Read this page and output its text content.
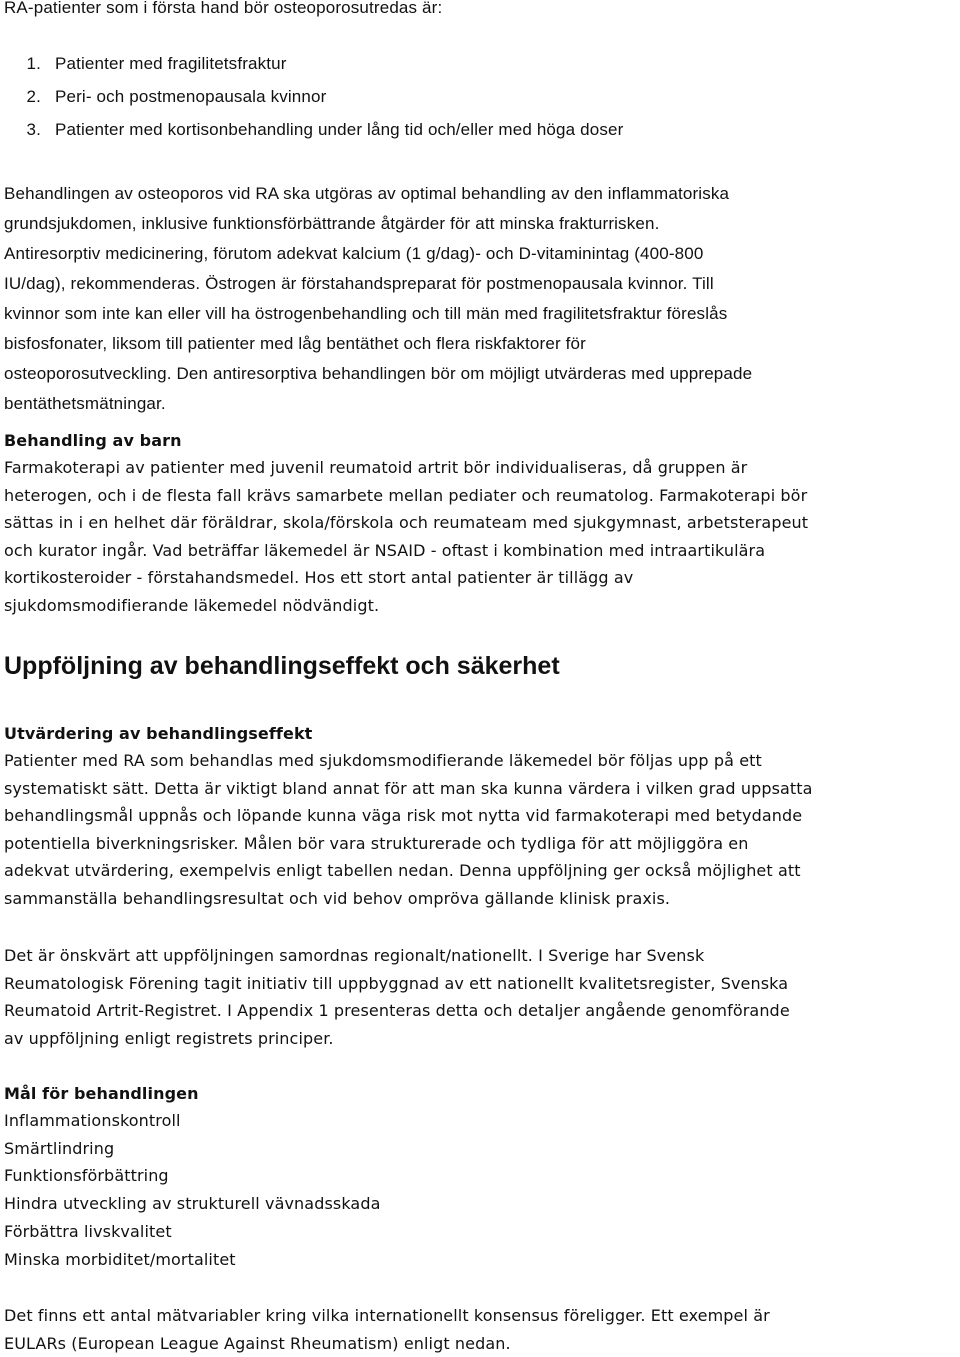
RA-patienter som i första hand bör osteoporosutredas är:
1. Patienter med fragilitetsfraktur
2. Peri- och postmenopausala kvinnor
3. Patienter med kortisonbehandling under lång tid och/eller med höga doser
Behandlingen av osteoporos vid RA ska utgöras av optimal behandling av den inflammatoriska
grundsjukdomen, inklusive funktionsförbättrande åtgärder för att minska frakturrisken.
Antiresorptiv medicinering, förutom adekvat kalcium (1 g/dag)- och D-vitaminintag (400-800
IU/dag), rekommenderas. Östrogen är förstahandspreparat för postmenopausala kvinnor. Till
kvinnor som inte kan eller vill ha östrogenbehandling och till män med fragilitetsfraktur föreslås
bisfosfonater, liksom till patienter med låg bentäthet och flera riskfaktorer för
osteoporosutveckling. Den antiresorptiva behandlingen bör om möjligt utvärderas med upprepade
bentäthetsmätningar.
Behandling av barn
Farmakoterapi av patienter med juvenil reumatoid artrit bör individualiseras, då gruppen är
heterogen, och i de flesta fall krävs samarbete mellan pediater och reumatolog. Farmakoterapi bör
sättas in i en helhet där föräldrar, skola/förskola och reumateam med sjukgymnast, arbetsterapeut
och kurator ingår. Vad beträffar läkemedel är NSAID - oftast i kombination med intraartikulära
kortikosteroider - förstahandsmedel. Hos ett stort antal patienter är tillägg av
sjukdomsmodifierande läkemedel nödvändigt.
Uppföljning av behandlingseffekt och säkerhet
Utvärdering av behandlingseffekt
Patienter med RA som behandlas med sjukdomsmodifierande läkemedel bör följas upp på ett
systematiskt sätt. Detta är viktigt bland annat för att man ska kunna värdera i vilken grad uppsatta
behandlingsmål uppnås och löpande kunna väga risk mot nytta vid farmakoterapi med betydande
potentiella biverkningsrisker. Målen bör vara strukturerade och tydliga för att möjliggöra en
adekvat utvärdering, exempelvis enligt tabellen nedan. Denna uppföljning ger också möjlighet att
sammanställa behandlingsresultat och vid behov ompröva gällande klinisk praxis.
Det är önskvärt att uppföljningen samordnas regionalt/nationellt. I Sverige har Svensk
Reumatologisk Förening tagit initiativ till uppbyggnad av ett nationellt kvalitetsregister, Svenska
Reumatoid Artrit-Registret. I Appendix 1 presenteras detta och detaljer angående genomförande
av uppföljning enligt registrets principer.
Mål för behandlingen
Inflammationskontroll
Smärtlindring
Funktionsförbättring
Hindra utveckling av strukturell vävnadsskada
Förbättra livskvalitet
Minska morbiditet/mortalitet
Det finns ett antal mätvariabler kring vilka internationellt konsensus föreligger. Ett exempel är
EULARs (European League Against Rheumatism) enligt nedan.
